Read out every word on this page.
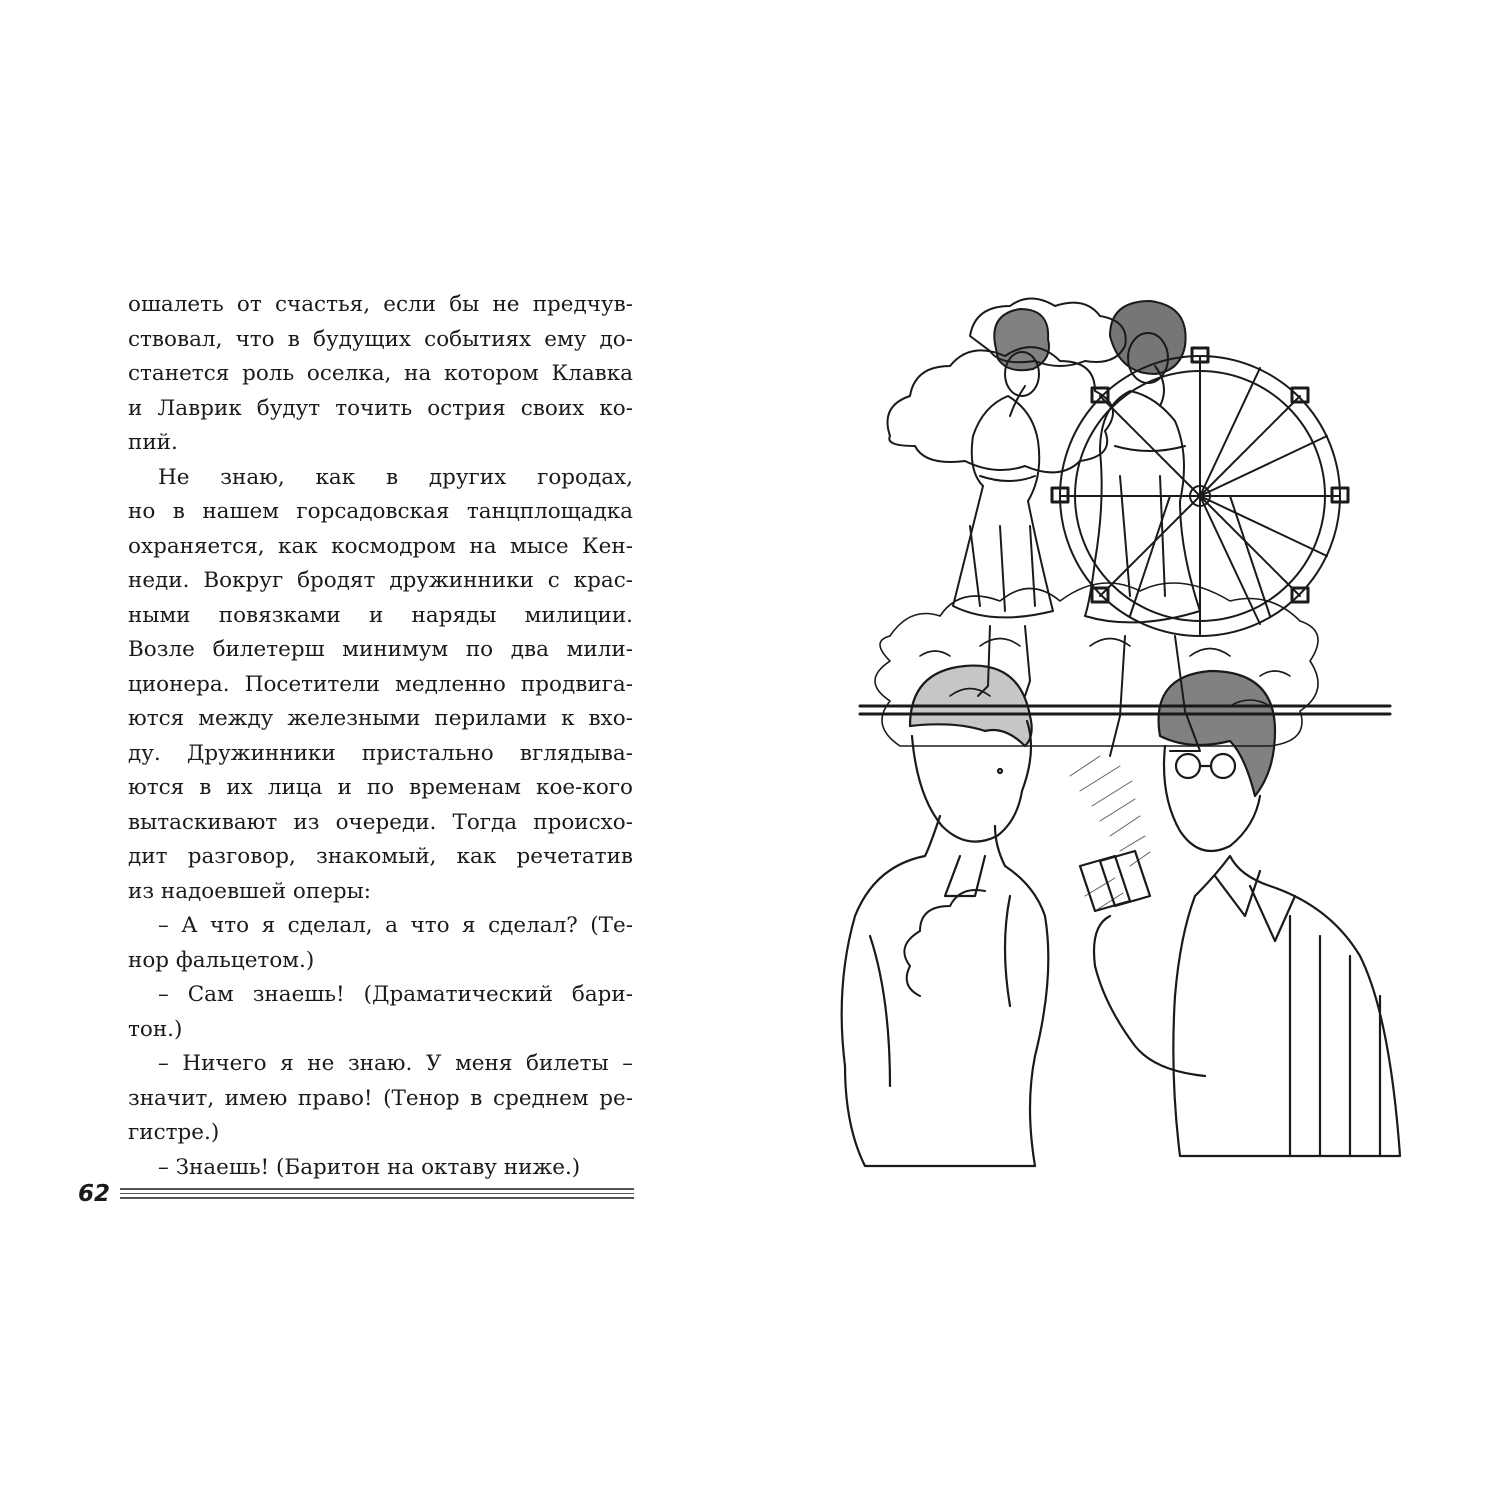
ошалеть от счастья, если бы не предчув-
ствовал, что в будущих событиях ему до-
станется роль оселка, на котором Клавка
и Лаврик будут точить острия своих ко-
пий.
Не знаю, как в других городах,
но в нашем горсадовская танцплощадка
охраняется, как космодром на мысе Кен-
неди. Вокруг бродят дружинники с крас-
ными повязками и наряды милиции.
Возле билетерш минимум по два мили-
ционера. Посетители медленно продвига-
ются между железными перилами к вхо-
ду. Дружинники пристально вглядыва-
ются в их лица и по временам кое-кого
вытаскивают из очереди. Тогда происхо-
дит разговор, знакомый, как речетатив
из надоевшей оперы:
– А что я сделал, а что я сделал? (Те-
нор фальцетом.)
– Сам знаешь! (Драматический бари-
тон.)
– Ничего я не знаю. У меня билеты –
значит, имею право! (Тенор в среднем ре-
гистре.)
– Знаешь! (Баритон на октаву ниже.)
62
